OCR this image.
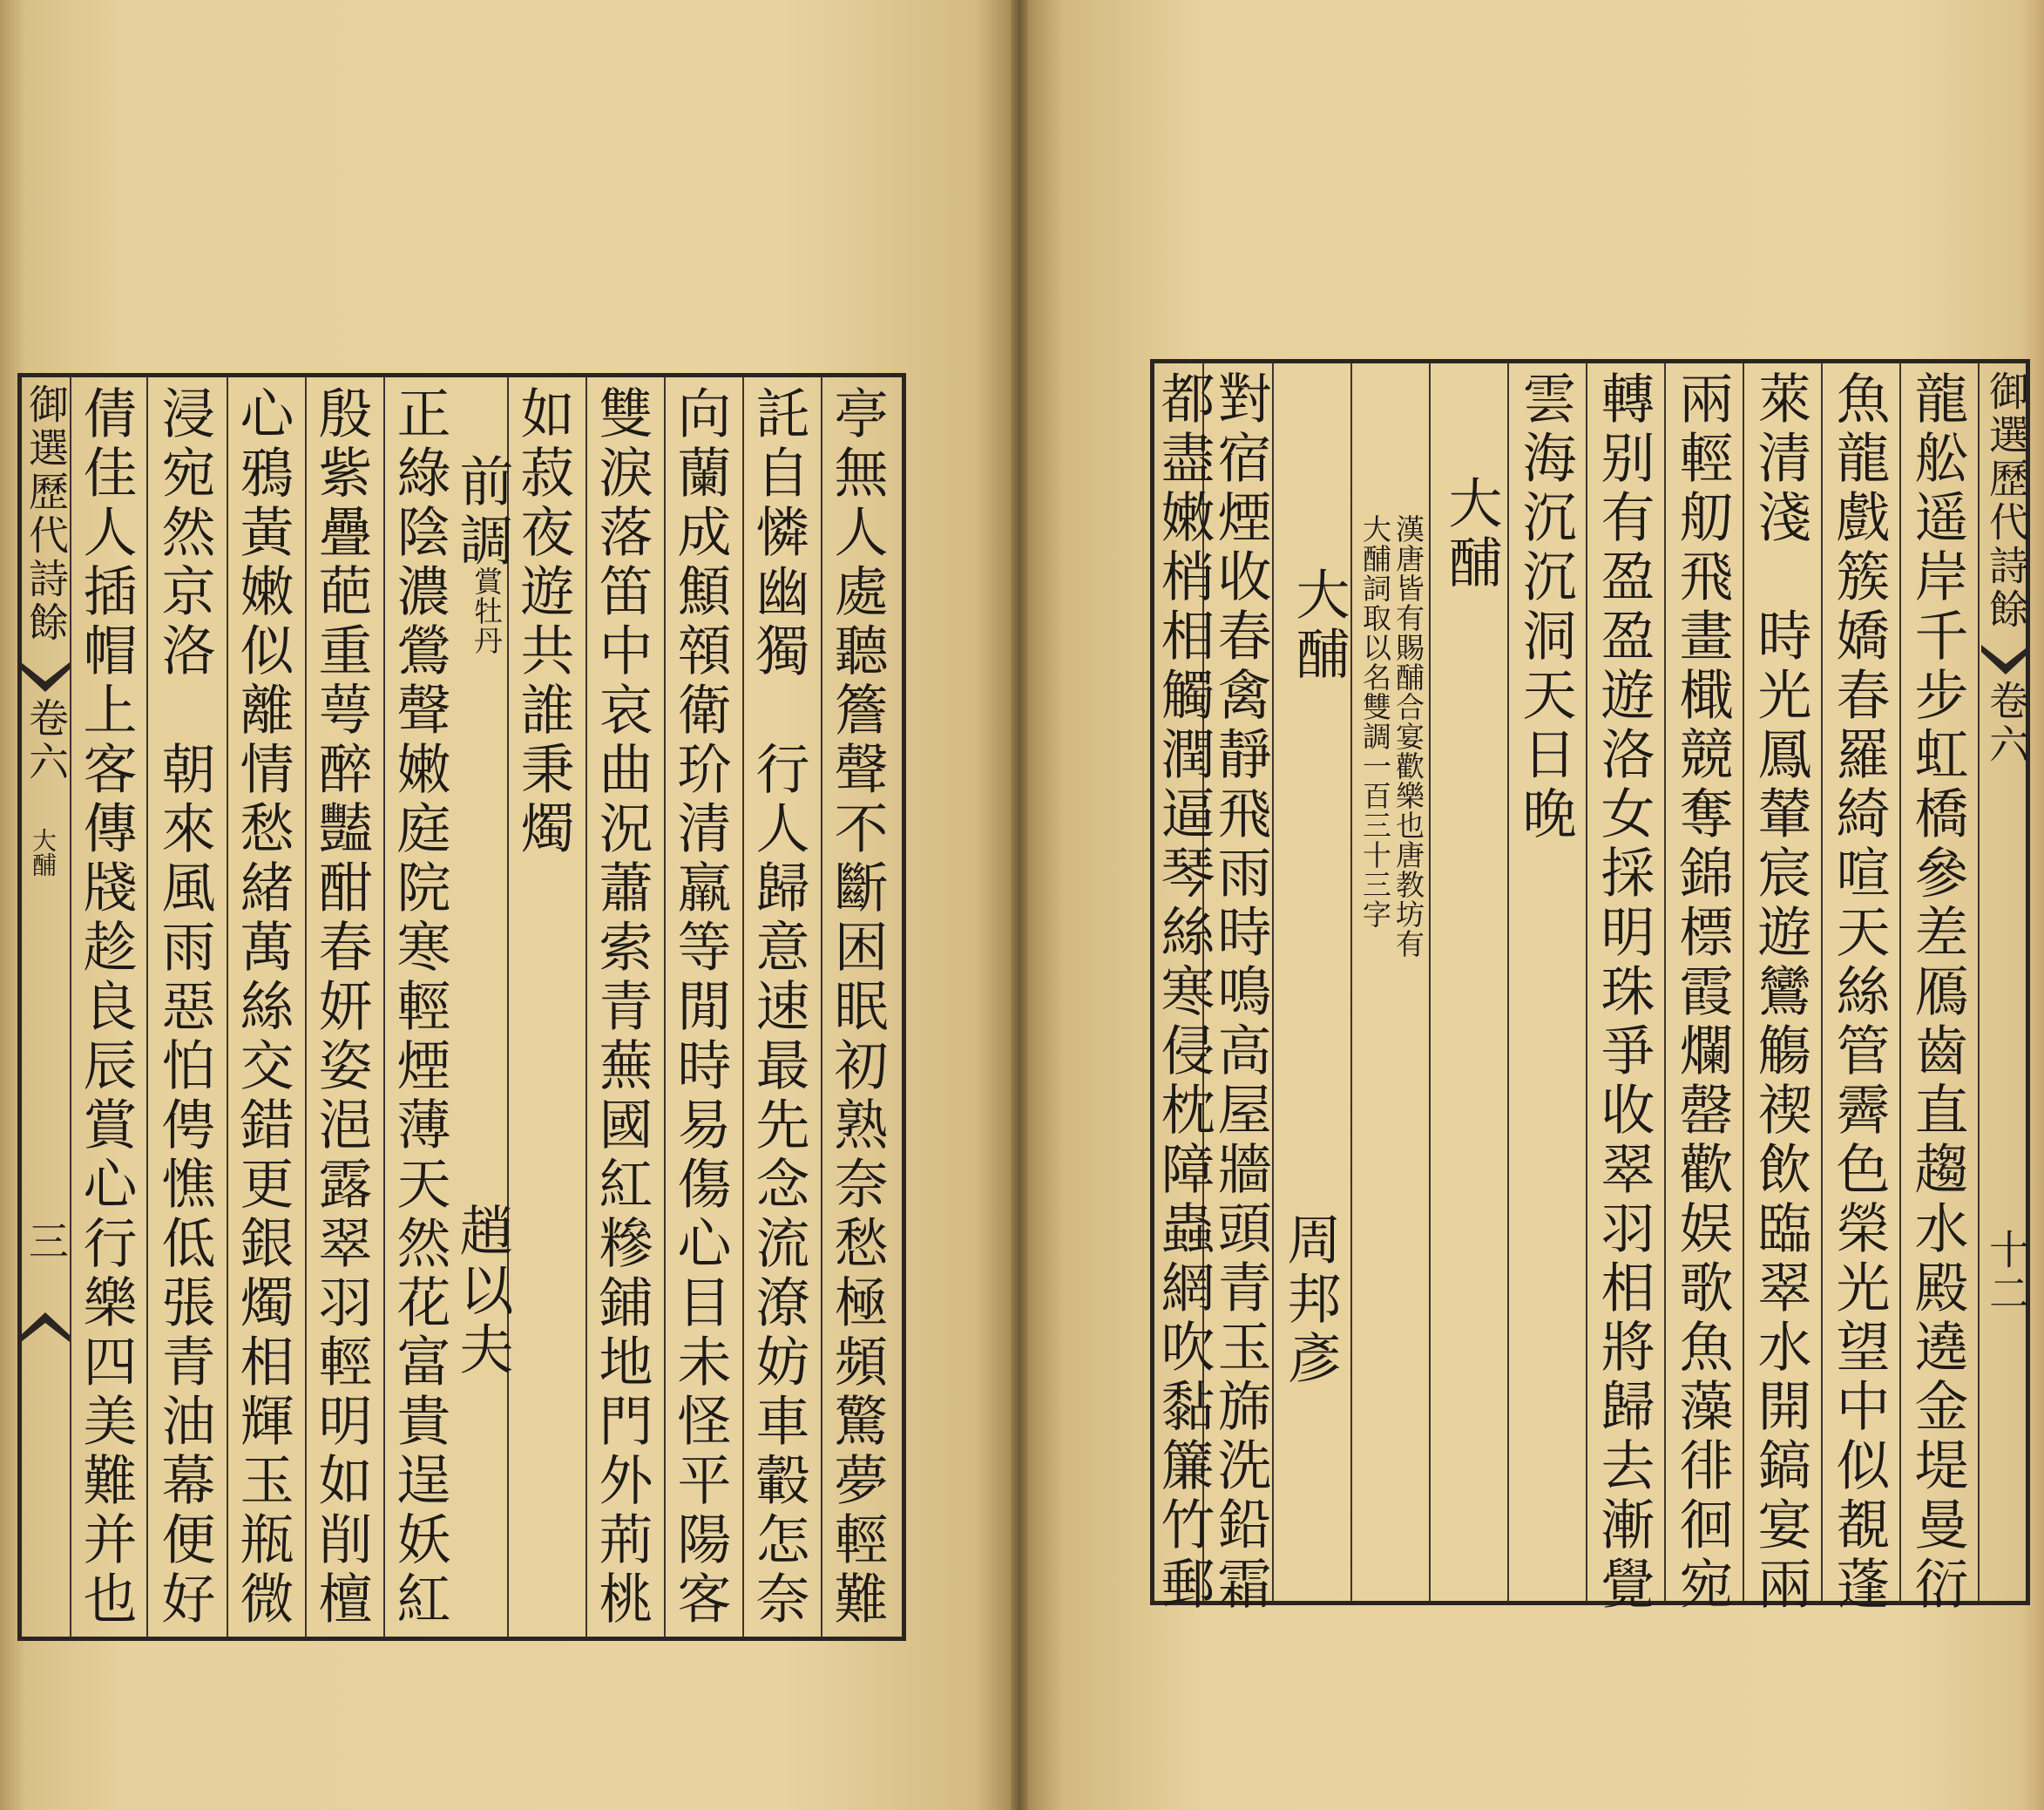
御選歷代詩餘
卷六
大酺
三	亭無人處聽簷聲不斷困眠初熟奈愁極頻驚夢輕難
託自憐幽獨　行人歸意速最先念流潦妨車轂怎奈
向蘭成顦顇衛玠清羸等閒時易傷心目未怪平陽客
雙淚落笛中哀曲況蕭索青蕪國紅糝鋪地門外荊桃
如菽夜遊共誰秉燭
前調
賞牡丹
趙以夫
正綠陰濃鶯聲嫩庭院寒輕煙薄天然花富貴逞妖紅
殷紫疊葩重萼醉豔酣春妍姿浥露翠羽輕明如削檀
心鴉黃嫩似離情愁緒萬絲交錯更銀燭相輝玉瓶微
浸宛然京洛　朝來風雨惡怕俜憔低張青油幕便好
倩佳人插帽上客傳牋趁良辰賞心行樂四美難并也	御選歷代詩餘
卷六
十二
龍舩遥岸千步虹橋參差鴈齒直趨水殿遶金堤曼衍
魚龍戲簇嬌春羅綺喧天絲管霽色榮光望中似覩蓬
萊清淺　時光鳳輦宸遊鸞觴禊飲臨翠水開鎬宴兩
兩輕舠飛畫檝競奪錦標霞爛罄歡娱歌魚藻徘徊宛
轉别有盈盈遊洛女採明珠爭收翠羽相將歸去漸覺
雲海沉沉洞天日晚
大酺
漢唐皆有賜酺合宴歡樂也唐教坊有
大酺詞取以名雙調一百三十三字
大酺
周邦彥
對宿煙收春禽靜飛雨時鳴高屋牆頭青玉旆洗鉛霜
都盡嫩梢相觸潤逼琴絲寒侵枕障蟲網吹黏簾竹郵
